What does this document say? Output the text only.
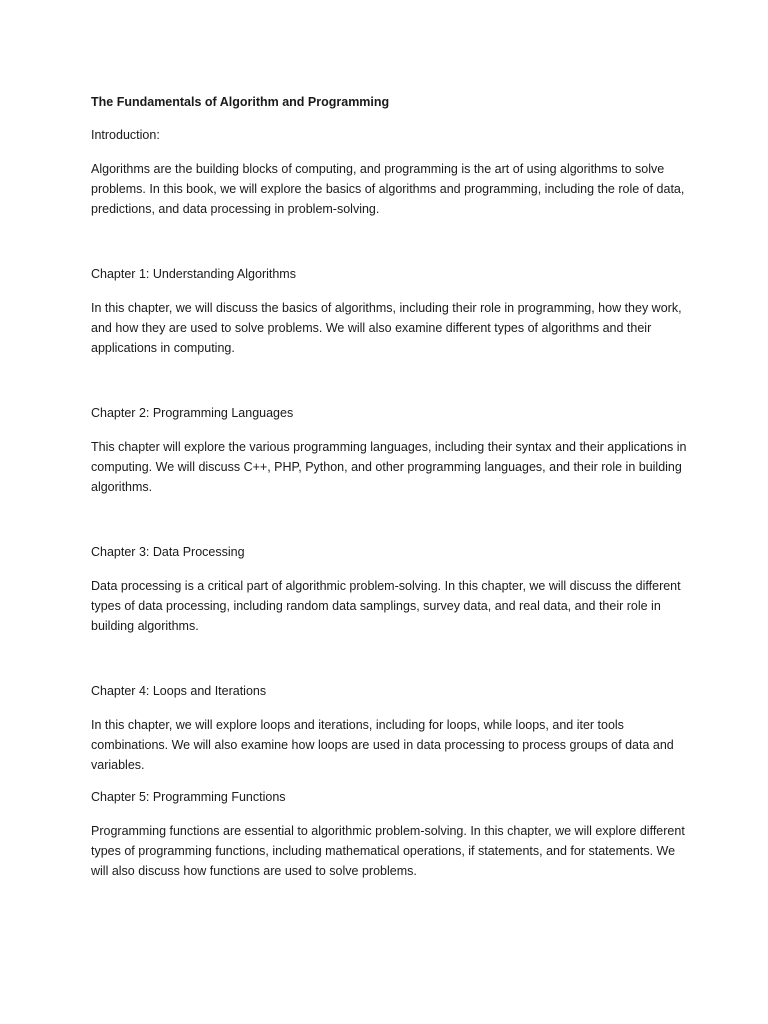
The Fundamentals of Algorithm and Programming
Introduction:

Algorithms are the building blocks of computing, and programming is the art of using algorithms to solve problems. In this book, we will explore the basics of algorithms and programming, including the role of data, predictions, and data processing in problem-solving.

Chapter 1: Understanding Algorithms

In this chapter, we will discuss the basics of algorithms, including their role in programming, how they work, and how they are used to solve problems. We will also examine different types of algorithms and their applications in computing.

Chapter 2: Programming Languages

This chapter will explore the various programming languages, including their syntax and their applications in computing. We will discuss C++, PHP, Python, and other programming languages, and their role in building algorithms.

Chapter 3: Data Processing

Data processing is a critical part of algorithmic problem-solving. In this chapter, we will discuss the different types of data processing, including random data samplings, survey data, and real data, and their role in building algorithms.

Chapter 4: Loops and Iterations

In this chapter, we will explore loops and iterations, including for loops, while loops, and iter tools combinations. We will also examine how loops are used in data processing to process groups of data and variables.

Chapter 5: Programming Functions

Programming functions are essential to algorithmic problem-solving. In this chapter, we will explore different types of programming functions, including mathematical operations, if statements, and for statements. We will also discuss how functions are used to solve problems.
